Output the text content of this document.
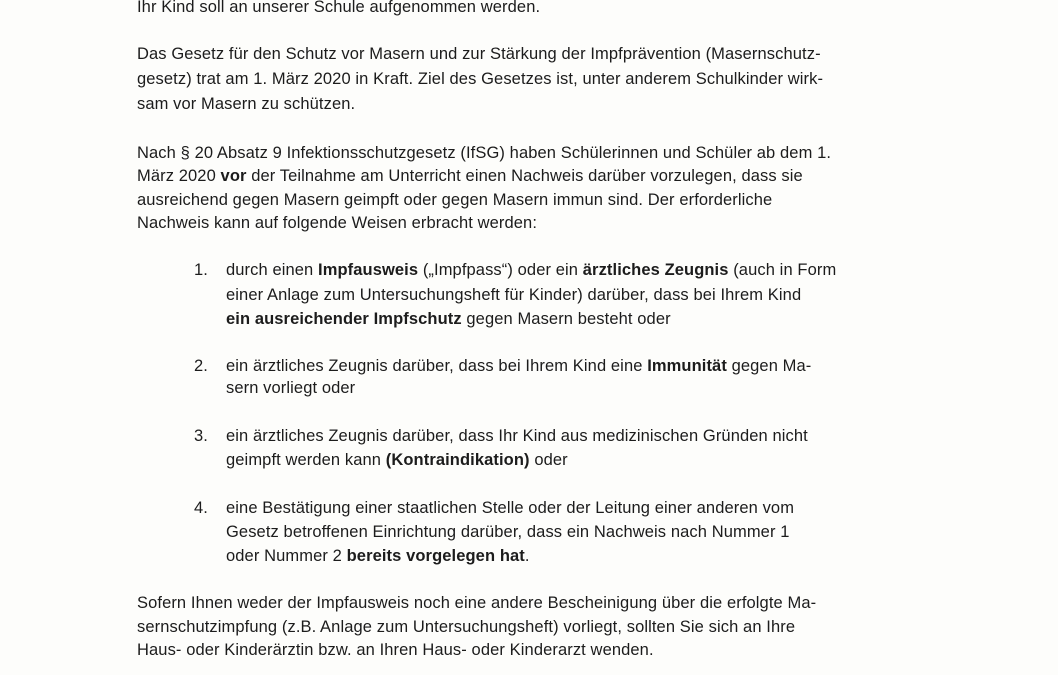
Ihr Kind soll an unserer Schule aufgenommen werden.
Das Gesetz für den Schutz vor Masern und zur Stärkung der Impfprävention (Masernschutz-
gesetz) trat am 1. März 2020 in Kraft. Ziel des Gesetzes ist, unter anderem Schulkinder wirk-
sam vor Masern zu schützen.
Nach § 20 Absatz 9 Infektionsschutzgesetz (IfSG) haben Schülerinnen und Schüler ab dem 1.
März 2020 vor der Teilnahme am Unterricht einen Nachweis darüber vorzulegen, dass sie
ausreichend gegen Masern geimpft oder gegen Masern immun sind. Der erforderliche
Nachweis kann auf folgende Weisen erbracht werden:
1. durch einen Impfausweis („Impfpass“) oder ein ärztliches Zeugnis (auch in Form
einer Anlage zum Untersuchungsheft für Kinder) darüber, dass bei Ihrem Kind
ein ausreichender Impfschutz gegen Masern besteht oder
2. ein ärztliches Zeugnis darüber, dass bei Ihrem Kind eine Immunität gegen Ma-
sern vorliegt oder
3. ein ärztliches Zeugnis darüber, dass Ihr Kind aus medizinischen Gründen nicht
geimpft werden kann (Kontraindikation) oder
4. eine Bestätigung einer staatlichen Stelle oder der Leitung einer anderen vom
Gesetz betroffenen Einrichtung darüber, dass ein Nachweis nach Nummer 1
oder Nummer 2 bereits vorgelegen hat.
Sofern Ihnen weder der Impfausweis noch eine andere Bescheinigung über die erfolgte Ma-
sernschutzimpfung (z.B. Anlage zum Untersuchungsheft) vorliegt, sollten Sie sich an Ihre
Haus- oder Kinderärztin bzw. an Ihren Haus- oder Kinderarzt wenden.
